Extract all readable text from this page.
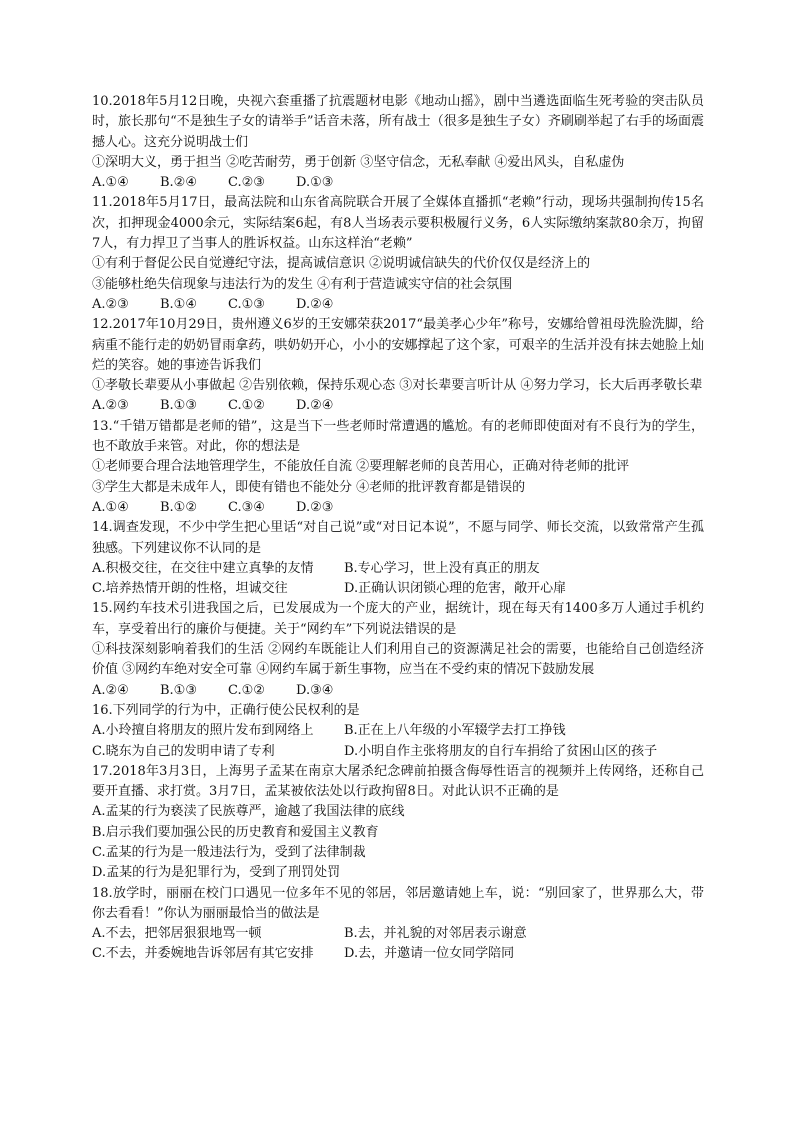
10.2018年5月12日晚，央视六套重播了抗震题材电影《地动山摇》，剧中当遴选面临生死考验的突击队员时，旅长那句“不是独生子女的请举手”话音未落，所有战士（很多是独生子女）齐刷刷举起了右手的场面震撼人心。这充分说明战士们
①深明大义，勇于担当 ②吃苦耐劳，勇于创新 ③坚守信念，无私奉献 ④爱出风头，自私虚伪
A.①④	B.②④	C.②③	D.①③
11.2018年5月17日，最高法院和山东省高院联合开展了全媒体直播抓“老赖”行动，现场共强制拘传15名次，扣押现金4000余元，实际结案6起，有8人当场表示要积极履行义务，6人实际缴纳案款80余万，拘留7人，有力捍卫了当事人的胜诉权益。山东这样治“老赖”
①有利于督促公民自觉遵纪守法，提高诚信意识 ②说明诚信缺失的代价仅仅是经济上的
③能够杜绝失信现象与违法行为的发生 ④有利于营造诚实守信的社会氛围
A.②③	B.①④	C.①③	D.②④
12.2017年10月29日，贵州遵义6岁的王安娜荣获2017“最美孝心少年”称号，安娜给曾祖母洗脸洗脚，给病重不能行走的奶奶冒雨拿药，哄奶奶开心，小小的安娜撑起了这个家，可艰辛的生活并没有抹去她脸上灿烂的笑容。她的事迹告诉我们
①孝敬长辈要从小事做起 ②告别依赖，保持乐观心态 ③对长辈要言听计从 ④努力学习，长大后再孝敬长辈
A.②③	B.①③	C.①②	D.②④
13.“千错万错都是老师的错”，这是当下一些老师时常遭遇的尴尬。有的老师即使面对有不良行为的学生，也不敢放手来管。对此，你的想法是
①老师要合理合法地管理学生，不能放任自流 ②要理解老师的良苦用心，正确对待老师的批评
③学生大都是未成年人，即使有错也不能处分 ④老师的批评教育都是错误的
A.①④	B.①②	C.③④	D.②③
14.调查发现，不少中学生把心里话“对自己说”或“对日记本说”，不愿与同学、师长交流，以致常常产生孤独感。下列建议你不认同的是
A.积极交往，在交往中建立真挚的友情	B.专心学习，世上没有真正的朋友
C.培养热情开朗的性格，坦诚交往	D.正确认识闭锁心理的危害，敞开心扉
15.网约车技术引进我国之后，已发展成为一个庞大的产业，据统计，现在每天有1400多万人通过手机约车，享受着出行的廉价与便捷。关于“网约车”下列说法错误的是
①科技深刻影响着我们的生活 ②网约车既能让人们利用自己的资源满足社会的需要，也能给自己创造经济价值 ③网约车绝对安全可靠 ④网约车属于新生事物，应当在不受约束的情况下鼓励发展
A.②④	B.①③	C.①②	D.③④
16.下列同学的行为中，正确行使公民权利的是
A.小玲擅自将朋友的照片发布到网络上	B.正在上八年级的小军辍学去打工挣钱
C.晓东为自己的发明申请了专利	D.小明自作主张将朋友的自行车捐给了贫困山区的孩子
17.2018年3月3日，上海男子孟某在南京大屠杀纪念碑前拍摄含侮辱性语言的视频并上传网络，还称自己要开直播、求打赏。3月7日，孟某被依法处以行政拘留8日。对此认识不正确的是
A.孟某的行为亵渎了民族尊严，逾越了我国法律的底线
B.启示我们要加强公民的历史教育和爱国主义教育
C.孟某的行为是一般违法行为，受到了法律制裁
D.孟某的行为是犯罪行为，受到了刑罚处罚
18.放学时，丽丽在校门口遇见一位多年不见的邻居，邻居邀请她上车，说：“别回家了，世界那么大，带你去看看！”你认为丽丽最恰当的做法是
A.不去，把邻居狠狠地骂一顿	B.去，并礼貌的对邻居表示谢意
C.不去，并委婉地告诉邻居有其它安排	D.去，并邀请一位女同学陪同
